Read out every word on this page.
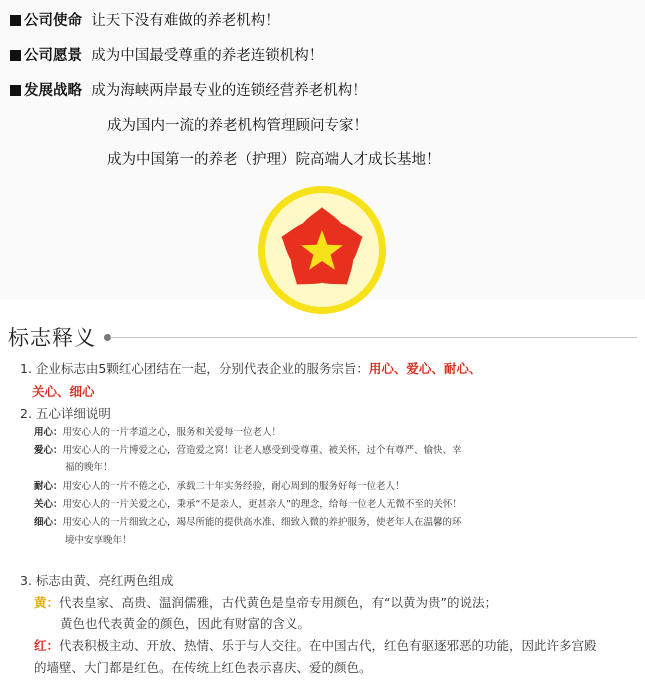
公司使命 让天下没有难做的养老机构！
公司愿景 成为中国最受尊重的养老连锁机构！
发展战略 成为海峡两岸最专业的连锁经营养老机构！
成为国内一流的养老机构管理顾问专家！
成为中国第一的养老（护理）院高端人才成长基地！
标志释义
1. 企业标志由5颗红心团结在一起，分别代表企业的服务宗旨：用心、爱心、耐心、
关心、细心
2. 五心详细说明
用心：用安心人的一片孝道之心，服务和关爱每一位老人！
爱心：用安心人的一片博爱之心，营造爱之窝！让老人感受到受尊重、被关怀，过个有尊严、愉快、幸
福的晚年！
耐心：用安心人的一片不倦之心，承载二十年实务经验，耐心周到的服务好每一位老人！
关心：用安心人的一片关爱之心，秉承“不是亲人，更甚亲人”的理念，给每一位老人无微不至的关怀！
细心：用安心人的一片细致之心，竭尽所能的提供高水准、细致入微的养护服务，使老年人在温馨的环
境中安享晚年！
3. 标志由黄、亮红两色组成
黄：代表皇家、高贵、温润儒雅，古代黄色是皇帝专用颜色，有“以黄为贵”的说法；
黄色也代表黄金的颜色，因此有财富的含义。
红：代表积极主动、开放、热情、乐于与人交往。在中国古代，红色有驱逐邪恶的功能，因此许多宫殿
的墙壁、大门都是红色。在传统上红色表示喜庆、爱的颜色。
